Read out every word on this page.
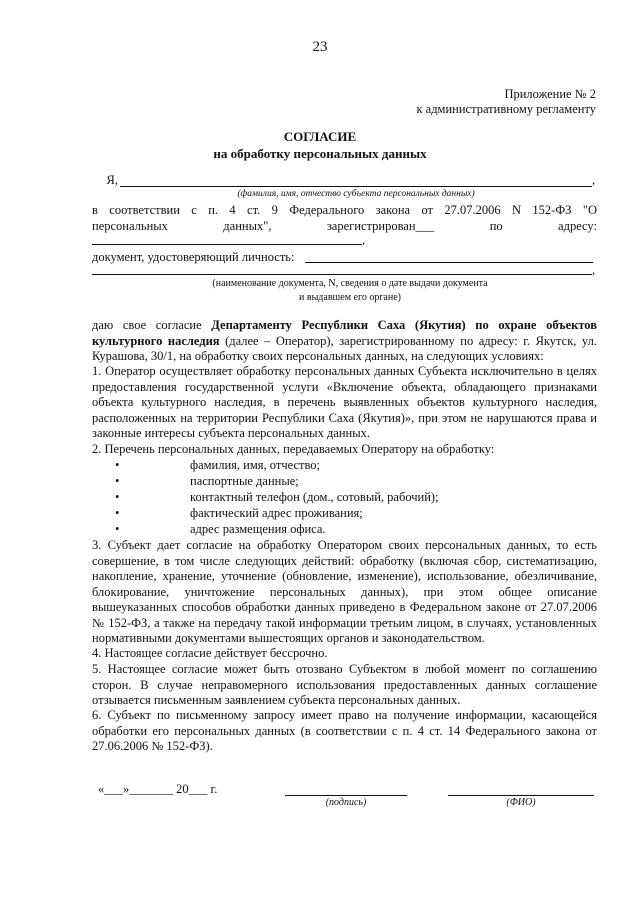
23
Приложение № 2
к административному регламенту
СОГЛАСИЕ
на обработку персональных данных
Я,	,
(фамилия, имя, отчество субъекта персональных данных)
в соответствии с п. 4 ст. 9 Федерального закона от 27.07.2006 N 152-ФЗ "О
персональных данных", зарегистрирован___ по адресу:
,
документ, удостоверяющий личность:
,
(наименование документа, N, сведения о дате выдачи документа
и выдавшем его органе)
даю свое согласие Департаменту Республики Саха (Якутия) по охране объектов культурного наследия (далее – Оператор), зарегистрированному по адресу: г. Якутск, ул. Курашова, 30/1, на обработку своих персональных данных, на следующих условиях:
1. Оператор осуществляет обработку персональных данных Субъекта исключительно в целях предоставления государственной услуги «Включение объекта, обладающего признаками объекта культурного наследия, в перечень выявленных объектов культурного наследия, расположенных на территории Республики Саха (Якутия)», при этом не нарушаются права и законные интересы субъекта персональных данных.
2. Перечень персональных данных, передаваемых Оператору на обработку:
•	фамилия, имя, отчество;
•	паспортные данные;
•	контактный телефон (дом., сотовый, рабочий);
•	фактический адрес проживания;
•	адрес размещения офиса.
3. Субъект дает согласие на обработку Оператором своих персональных данных, то есть совершение, в том числе следующих действий: обработку (включая сбор, систематизацию, накопление, хранение, уточнение (обновление, изменение), использование, обезличивание, блокирование, уничтожение персональных данных), при этом общее описание вышеуказанных способов обработки данных приведено в Федеральном законе от 27.07.2006 № 152-ФЗ, а также на передачу такой информации третьим лицом, в случаях, установленных нормативными документами вышестоящих органов и законодательством.
4. Настоящее согласие действует бессрочно.
5. Настоящее согласие может быть отозвано Субъектом в любой момент по соглашению сторон. В случае неправомерного использования предоставленных данных соглашение отзывается письменным заявлением субъекта персональных данных.
6. Субъект по письменному запросу имеет право на получение информации, касающейся обработки его персональных данных (в соответствии с п. 4 ст. 14 Федерального закона от 27.06.2006 № 152-ФЗ).
«___»_______ 20___ г.
(подпись)	(ФИО)
